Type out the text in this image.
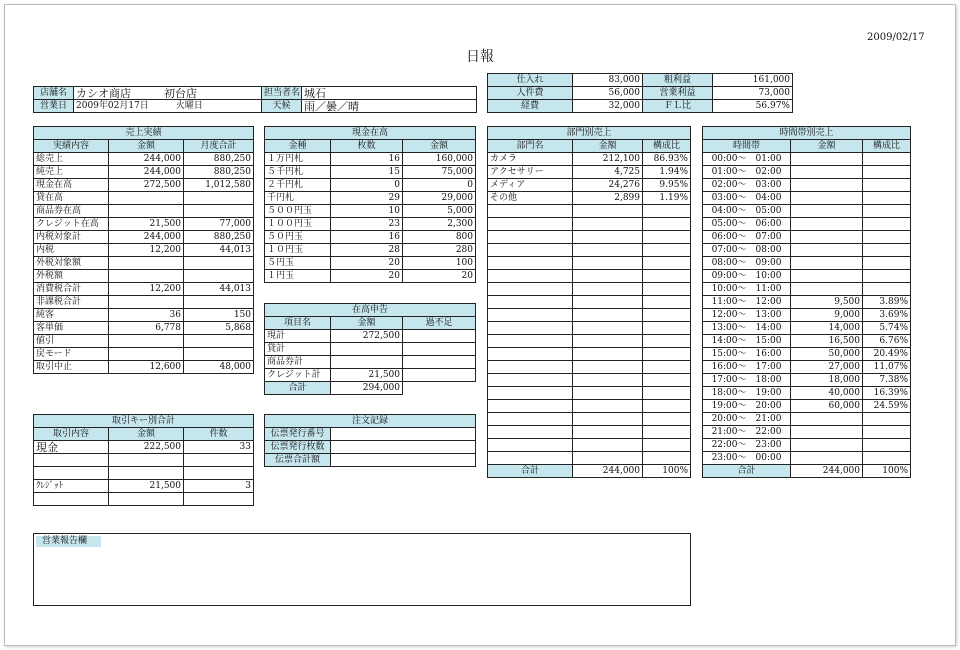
2009/02/17
日報
仕入れ	83,000	粗利益	161,000
人件費	56,000	営業利益	73,000
経費	32,000	ＦＬ比	56.97%
店舗名	カシオ商店　　　 初台店	担当者名	城石
営業日	2009年02月17日　　　 火曜日	天候	雨／曇／晴
売上実績		
実績内容	金額	月度合計
総売上	244,000	880,250
純売上	244,000	880,250
現金在高	272,500	1,012,580
貸在高		
商品券在高		
クレジット在高	21,500	77,000
内税対象計	244,000	880,250
内税	12,200	44,013
外税対象額		
外税額		
消費税合計	12,200	44,013
非課税合計		
純客	36	150
客単価	6,778	5,868
値引		
戻モード		
取引中止	12,600	48,000
取引キー別合計		
取引内容	金額	件数
現金	222,500	33

ｸﾚｼﾞｯﾄ	21,500	3

現金在高		
金種	枚数	金額
１万円札	16	160,000
５千円札	15	75,000
２千円札	0	0
千円札	29	29,000
５００円玉	10	5,000
１００円玉	23	2,300
５０円玉	16	800
１０円玉	28	280
５円玉	20	100
１円玉	20	20
在高申告		
項目名	金額	過不足
現計	272,500	
貸計		
商品券計		
クレジット計	21,500	
合計	294,000	
注文記録	
伝票発行番号	
伝票発行枚数	
伝票合計額	
部門別売上		
部門名	金額	構成比
カメラ	212,100	86.93%
アクセサリー	4,725	1.94%
メディア	24,276	9.95%
その他	2,899	1.19%

合計	244,000	100%
時間帯別売上		
時間帯	金額	構成比
00:00〜　01:00		
01:00〜　02:00		
02:00〜　03:00		
03:00〜　04:00		
04:00〜　05:00		
05:00〜　06:00		
06:00〜　07:00		
07:00〜　08:00		
08:00〜　09:00		
09:00〜　10:00		
10:00〜　11:00		
11:00〜　12:00	9,500	3.89%
12:00〜　13:00	9,000	3.69%
13:00〜　14:00	14,000	5.74%
14:00〜　15:00	16,500	6.76%
15:00〜　16:00	50,000	20.49%
16:00〜　17:00	27,000	11.07%
17:00〜　18:00	18,000	7.38%
18:00〜　19:00	40,000	16.39%
19:00〜　20:00	60,000	24.59%
20:00〜　21:00		
21:00〜　22:00		
22:00〜　23:00		
23:00〜　00:00		
合計	244,000	100%
営業報告欄
